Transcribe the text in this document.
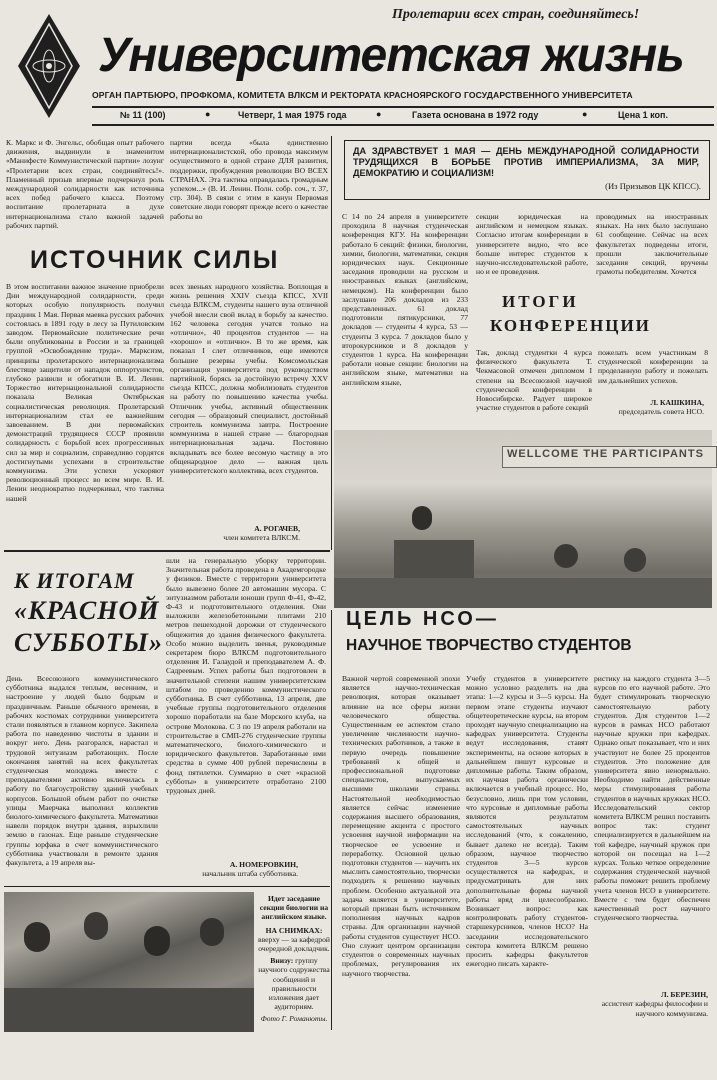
Пролетарии всех стран, соединяйтесь!
Университетская жизнь
ОРГАН ПАРТБЮРО, ПРОФКОМА, КОМИТЕТА ВЛКСМ И РЕКТОРАТА КРАСНОЯРСКОГО ГОСУДАРСТВЕННОГО УНИВЕРСИТЕТА
№ 11 (100)	●	Четверг, 1 мая 1975 года	●	Газета основана в 1972 году	●	Цена 1 коп.
К. Маркс и Ф. Энгельс, обобщая опыт рабочего движения, выдвинули в знаменитом «Манифесте Коммунистической партии» лозунг «Пролетарии всех стран, соединяйтесь!». Пламенный призыв впервые подчеркнул роль международной солидарности как источника всех побед рабочего класса. Поэтому воспитание пролетариата в духе интернационализма стало важной задачей рабочих партий.
партии всегда «была единственно интернационалистской, обо провода максимум осуществимого в одной стране ДЛЯ развития, поддержки, пробуждения революции ВО ВСЕХ СТРАНАХ. Эта тактика оправдалась громадным успехом...» (В. И. Ленин. Полн. собр. соч., т. 37, стр. 304). В связи с этим в канун Первомая советские люди говорят прежде всего о качестве работы во
ИСТОЧНИК СИЛЫ
В этом воспитании важное значение приобрели Дни международной солидарности, среди которых особую популярность получил праздник 1 Мая. Первая маевка русских рабочих состоялась в 1891 году в лесу за Путиловским заводом. Первомайские политические речи были опубликованы в России и за границей группой «Освобождение труда». Марксизм, принципы пролетарского интернационализма блестяще защитили от нападок оппортунистов, глубоко развили и обогатили В. И. Ленин. Торжество интернациональной солидарности показала Великая Октябрьская социалистическая революция. Пролетарский интернационализм стал ее важнейшим завоеванием. В дни первомайских демонстраций трудящиеся СССР проявили солидарность с борьбой всех прогрессивных сил за мир и социализм, справедливо гордятся достигнутыми успехами в строительстве коммунизма. Эти успехи ускоряют революционный процесс во всем мире. В. И. Ленин неоднократно подчеркивал, что тактика нашей
всех звеньях народного хозяйства. Воплощая в жизнь решения XXIV съезда КПСС, XVII съезда ВЛКСМ, студенты нашего вуза отличной учебой внесли свой вклад в борьбу за качество. 162 человека сегодня учатся только на «отлично», 40 процентов студентов — на «хорошо» и «отлично». В то же время, как показал I слет отличников, еще имеются большие резервы учебы. Комсомольская организация университета под руководством партийной, борясь за достойную встречу XXV съезда КПСС, должна мобилизовать студентов на работу по повышению качества учебы. Отличник учебы, активный общественник сегодня — образцовый специалист, достойный строитель коммунизма завтра. Построение коммунизма в нашей стране — благородная интернациональная задача. Постоянно вкладывать все более весомую частицу в это общенародное дело — важная цель университетского коллектива, всех студентов.
А. РОГАЧЕВ,
член комитета ВЛКСМ.
ДА ЗДРАВСТВУЕТ 1 МАЯ — ДЕНЬ МЕЖДУНАРОДНОЙ СОЛИДАРНОСТИ ТРУДЯЩИХСЯ В БОРЬБЕ ПРОТИВ ИМПЕРИАЛИЗМА, ЗА МИР, ДЕМОКРАТИЮ И СОЦИАЛИЗМ!
(Из Призывов ЦК КПСС).
С 14 по 24 апреля в университете проходила 8 научная студенческая конференция КГУ. На конференции работало 6 секций: физики, биологии, химии, биологии, математики, секция юридических наук. Секционные заседания проводили на русском и иностранных языках (английском, немецком). На конференции было заслушано 206 докладов из 233 представленных. 61 доклад подготовили пятикурсники, 77 докладов — студенты 4 курса, 53 — студенты 3 курса. 7 докладов было у второкурсников и 8 докладов у студентов 1 курса. На конференции работали новые секции: биологии на английском языке, математики на английском языке,
секции юридическая на английском и немецком языках. Согласно итогам конференции в университете видно, что все больше интерес студентов к научно-исследовательской работе, но и ее проведения.
проводимых на иностранных языках. На них было заслушано 61 сообщение. Сейчас на всех факультетах подведены итоги, прошли заключительные заседания секций, вручены грамоты победителям. Хочется
ИТОГИ
КОНФЕРЕНЦИИ
Так, доклад студентки 4 курса физического факультета Т. Чекмасовой отмечен дипломом I степени на Всесоюзной научной студенческой конференции в Новосибирске. Радует широкое участие студентов в работе секций
пожелать всем участникам 8 студенческой конференции за проделанную работу и пожелать им дальнейших успехов.
Л. КАШКИНА,
председатель совета НСО.
WELLCOME THE PARTICIPANTS
ЦЕЛЬ НСО—
НАУЧНОЕ ТВОРЧЕСТВО СТУДЕНТОВ
Важной чертой современной эпохи является научно-техническая революция, которая оказывает влияние на все сферы жизни человеческого общества. Существенным ее аспектом стало увеличение численности научно-технических работников, а также в первую очередь повышение требований к общей и профессиональной подготовке специалистов, выпускаемых высшими школами страны. Настоятельной необходимостью является сейчас изменение содержания высшего образования, перемещение акцента с простого усвоения научной информации на творческое ее усвоение и переработку. Основной целью подготовки студентов — научить их мыслить самостоятельно, творчески подходить к решению научных проблем. Особенно актуальной эта задача является в университете, который призван быть источником пополнения научных кадров страны. Для организации научной работы студентов существует НСО. Оно служит центром организации студентов о современных научных проблемах, регулирования их научного творчества.
Учебу студентов в университете можно условно разделить на два этапа: 1—2 курсы и 3—5 курсы. На первом этапе студенты изучают общетеоретические курсы, на втором проходят научную специализацию на кафедрах университета. Студенты ведут исследования, ставят эксперименты, на основе которых в дальнейшем пишут курсовые и дипломные работы. Таким образом, их научная работа органически включается в учебный процесс. Но, безусловно, лишь при том условии, что курсовые и дипломные работы являются результатом самостоятельных научных исследований (что, к сожалению, бывает далеко не всегда). Таким образом, научное творчество студентов 3—5 курсов осуществляется на кафедрах, и предусматривать для них дополнительные формы научной работы вряд ли целесообразно. Возникает вопрос: как контролировать работу студентов-старшекурсников, членов НСО? На заседании исследовательского сектора комитета ВЛКСМ решено просить кафедры факультетов ежегодно писать характе-
ристику на каждого студента 3—5 курсов по его научной работе. Это будет стимулировать творческую самостоятельную работу студентов. Для студентов 1—2 курсов в рамках НСО работают научные кружки при кафедрах. Однако опыт показывает, что и них участвуют не более 25 процентов студентов. Это положение для университета явно ненормально. Необходимо найти действенные меры стимулирования работы студентов в научных кружках НСО. Исследовательский сектор комитета ВЛКСМ решил поставить вопрос так: студент специализируется в дальнейшем на той кафедре, научный кружок при которой он посещал на 1—2 курсах. Только четкое определение содержания студенческой научной работы поможет решить проблему учета членов НСО в университете. Вместе с тем будет обеспечен качественный рост научного студенческого творчества.
Л. БЕРЕЗИН,
ассистент кафедры философии и научного коммунизма.
К ИТОГАМ
«КРАСНОЙ
СУББОТЫ»
День Всесоюзного коммунистического субботника выдался теплым, весенним, и настроение у людей было бодрым и праздничным. Раньше обычного времени, в рабочих костюмах сотрудники университета стали появляться в главном корпусе. Закипела работа по наведению чистоты в здании и вокруг него. День разгорался, нарастал и трудовой энтузиазм работающих. После окончания занятий на всех факультетах студенческая молодежь вместе с преподавателями активно включилась в работу по благоустройству зданий учебных корпусов. Большой объем работ по очистке улицы Маерчака выполнил коллектив биолого-химического факультета. Математики навели порядок внутри здания, взрыхлили землю в газонах. Еще раньше студенческие группы юрфака в счет коммунистического субботника участвовали в ремонте здания факультета, а 19 апреля вы-
шли на генеральную уборку территории. Значительная работа проведена в Академгородке у физиков. Вместе с территории университета было вывезено более 20 автомашин мусора. С энтузиазмом работали юноши групп Ф-41, Ф-42, Ф-43 и подготовительного отделения. Они выложили железобетонными плитами 210 метров пешеходной дорожки от студенческого общежития до здания физического факультета. Особо можно выделить звенья, руководимые секретарем бюро ВЛКСМ подготовительного отделения И. Галаудой и преподавателем А. Ф. Садреевым. Успех работы был подготовлен в значительной степени нашим университетским штабом по проведению коммунистического субботника. В счет субботника, 13 апреля, две учебные группы подготовительного отделения хорошо поработали на базе Морского клуба, на острове Молокова. С 3 по 19 апреля работали на строительстве в СМП-276 студенческие группы математического, биолого-химического и юридического факультетов. Заработанные ими средства в сумме 400 рублей перечислены в фонд пятилетки. Суммарно в счет «красной субботы» в университете отработано 2100 трудовых дней.
А. НОМЕРОВКИН,
начальник штаба субботника.
Идет заседание секции биологии на английском языке.
НА СНИМКАХ: вверху — за кафедрой очередной докладчик.
Внизу: группу научного содружества сообщений и правильности изложения дает аудиториям.
Фото Г. Романюты.
